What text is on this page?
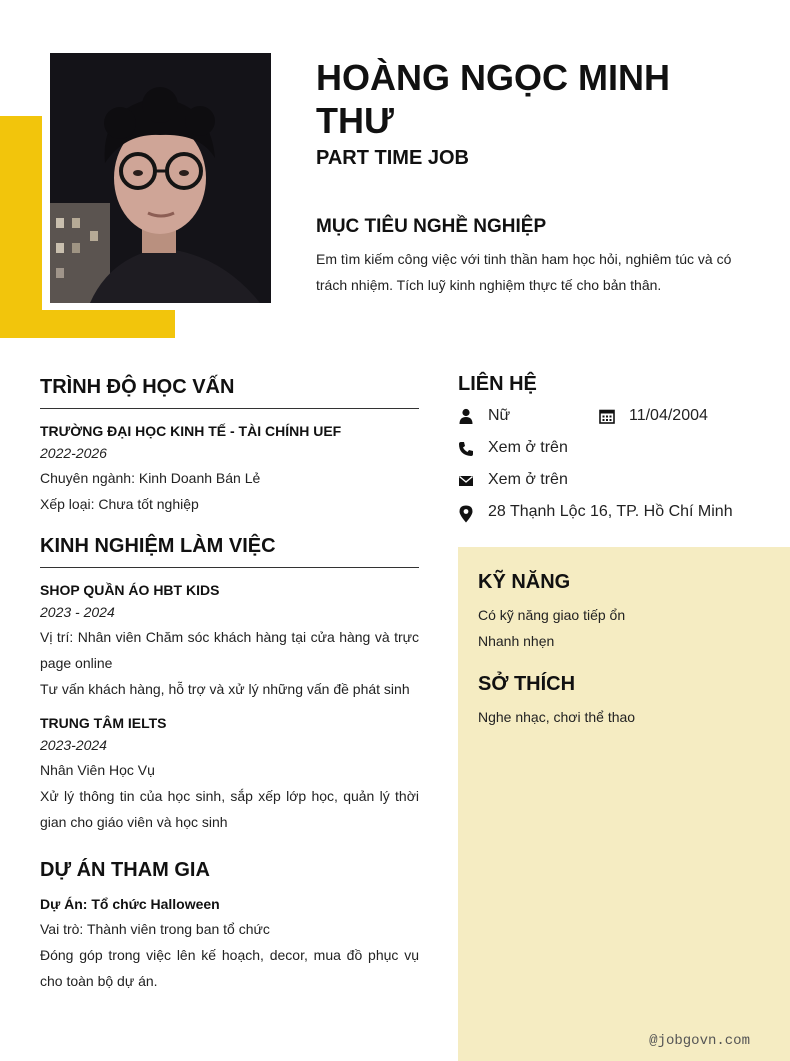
HOÀNG NGỌC MINH THƯ
PART TIME JOB
MỤC TIÊU NGHỀ NGHIỆP
Em tìm kiếm công việc với tinh thần ham học hỏi, nghiêm túc và có trách nhiệm. Tích luỹ kinh nghiệm thực tế cho bản thân.
TRÌNH ĐỘ HỌC VẤN
TRƯỜNG ĐẠI HỌC KINH TẾ - TÀI CHÍNH UEF
2022-2026
Chuyên ngành: Kinh Doanh Bán Lẻ
Xếp loại: Chưa tốt nghiệp
KINH NGHIỆM LÀM VIỆC
SHOP QUẦN ÁO HBT KIDS
2023 - 2024
Vị trí: Nhân viên Chăm sóc khách hàng tại cửa hàng và trực page online
Tư vấn khách hàng, hỗ trợ và xử lý những vấn đề phát sinh
TRUNG TÂM IELTS
2023-2024
Nhân Viên Học Vụ
Xử lý thông tin của học sinh, sắp xếp lớp học, quản lý thời gian cho giáo viên và học sinh
DỰ ÁN THAM GIA
Dự Án: Tổ chức Halloween
Vai trò: Thành viên trong ban tổ chức
Đóng góp trong việc lên kế hoạch, decor, mua đồ phục vụ cho toàn bộ dự án.
LIÊN HỆ
Nữ	11/04/2004
Xem ở trên
Xem ở trên
28 Thạnh Lộc 16, TP. Hồ Chí Minh
KỸ NĂNG
Có kỹ năng giao tiếp ổn
Nhanh nhẹn
SỞ THÍCH
Nghe nhạc, chơi thể thao
@jobgovn.com
